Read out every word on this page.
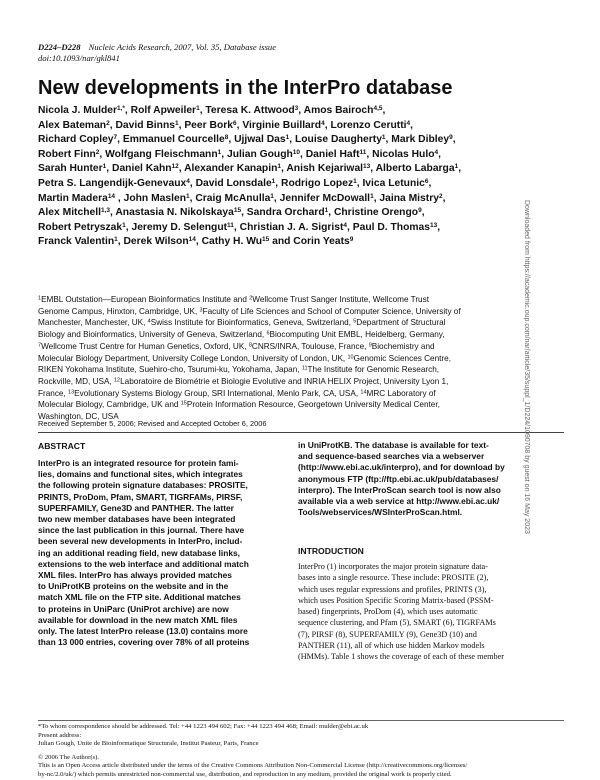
D224–D228 Nucleic Acids Research, 2007, Vol. 35, Database issue
doi:10.1093/nar/gkl841
New developments in the InterPro database

Nicola J. Mulder$^{1,*}$, Rolf Apweiler$^1$, Teresa K. Attwood$^3$, Amos Bairoch$^{4,5}$,

Alex Bateman$^2$, David Binns$^1$, Peer Bork$^6$, Virginie Buillard$^4$, Lorenzo Cerutti$^4$,

Richard Copley$^7$, Emmanuel Courcelle$^8$, Ujjwal Das$^1$, Louise Daugherty$^1$, Mark Dibley$^9$,

Robert Finn$^2$, Wolfgang Fleischmann$^1$, Julian Gough$^{10}$, Daniel Haft$^{11}$, Nicolas Hulo$^4$,

Sarah Hunter$^1$, Daniel Kahn$^{12}$, Alexander Kanapin$^1$, Anish Kejariwal$^{13}$, Alberto Labarga$^1$,

Petra S. Langendijk-Genevaux$^4$, David Lonsdale$^1$, Rodrigo Lopez$^1$, Ivica Letunic$^6$,

Martin Madera$^{14}$ , John Maslen$^1$, Craig McAnulla$^1$, Jennifer McDowall$^1$, Jaina Mistry$^2$,

Alex Mitchell$^{1,3}$, Anastasia N. Nikolskaya$^{15}$, Sandra Orchard$^1$, Christine Orengo$^9$,

Robert Petryszak$^1$, Jeremy D. Selengut$^{11}$, Christian J. A. Sigrist$^4$, Paul D. Thomas$^{13}$,

Franck Valentin$^1$, Derek Wilson$^{14}$, Cathy H. Wu$^{15}$ and Corin Yeats$^9$

$^1$EMBL Outstation—European Bioinformatics Institute and $^2$Wellcome Trust Sanger Institute, Wellcome Trust

Genome Campus, Hinxton, Cambridge, UK, $^3$Faculty of Life Sciences and School of Computer Science, University of

Manchester, Manchester, UK, $^4$Swiss Institute for Bioinformatics, Geneva, Switzerland, $^5$Department of Structural

Biology and Bioinformatics, University of Geneva, Switzerland, $^6$Biocomputing Unit EMBL, Heidelberg, Germany,

$^7$Wellcome Trust Centre for Human Genetics, Oxford, UK, $^8$CNRS/INRA, Toulouse, France, $^9$Biochemistry and

Molecular Biology Department, University College London, University of London, UK, $^{10}$Genomic Sciences Centre,

RIKEN Yokohama Institute, Suehiro-cho, Tsurumi-ku, Yokohama, Japan, $^{11}$The Institute for Genomic Research,

Rockville, MD, USA, $^{12}$Laboratoire de Biométrie et Biologie Evolutive and INRIA HELIX Project, University Lyon 1,

France, $^{13}$Evolutionary Systems Biology Group, SRI International, Menlo Park, CA, USA, $^{14}$MRC Laboratory of

Molecular Biology, Cambridge, UK and $^{15}$Protein Information Resource, Georgetown University Medical Center,

Washington, DC, USA

Received September 5, 2006; Revised and Accepted October 6, 2006
ABSTRACT

InterPro is an integrated resource for protein fami-

lies, domains and functional sites, which integrates

the following protein signature databases: PROSITE,

PRINTS, ProDom, Pfam, SMART, TIGRFAMs, PIRSF,

SUPERFAMILY, Gene3D and PANTHER. The latter

two new member databases have been integrated

since the last publication in this journal. There have

been several new developments in InterPro, includ-

ing an additional reading field, new database links,

extensions to the web interface and additional match

XML files. InterPro has always provided matches

to UniProtKB proteins on the website and in the

match XML file on the FTP site. Additional matches

to proteins in UniParc (UniProt archive) are now

available for download in the new match XML files

only. The latest InterPro release (13.0) contains more

than 13 000 entries, covering over 78% of all proteins

in UniProtKB. The database is available for text-

and sequence-based searches via a webserver

(http://www.ebi.ac.uk/interpro), and for download by

anonymous FTP (ftp://ftp.ebi.ac.uk/pub/databases/

interpro). The InterProScan search tool is now also

available via a web service at http://www.ebi.ac.uk/

Tools/webservices/WSInterProScan.html.

INTRODUCTION

InterPro (1) incorporates the major protein signature data-

bases into a single resource. These include: PROSITE (2),

which uses regular expressions and profiles, PRINTS (3),

which uses Position Specific Scoring Matrix-based (PSSM-

based) fingerprints, ProDom (4), which uses automatic

sequence clustering, and Pfam (5), SMART (6), TIGRFAMs

(7), PIRSF (8), SUPERFAMILY (9), Gene3D (10) and

PANTHER (11), all of which use hidden Markov models

(HMMs). Table 1 shows the coverage of each of these member

*To whom correspondence should be addressed. Tel: +44 1223 494 602; Fax: +44 1223 494 468; Email: mulder@ebi.ac.uk

Present address:

Julian Gough, Unite de Bioinformatique Structurale, Institut Pasteur, Paris, France

© 2006 The Author(s).

This is an Open Access article distributed under the terms of the Creative Commons Attribution Non-Commercial License (http://creativecommons.org/licenses/

by-nc/2.0/uk/) which permits unrestricted non-commercial use, distribution, and reproduction in any medium, provided the original work is properly cited.

Downloaded from https://academic.oup.com/nar/article/35/suppl_1/D224/1090708 by guest on 16 May 2023
